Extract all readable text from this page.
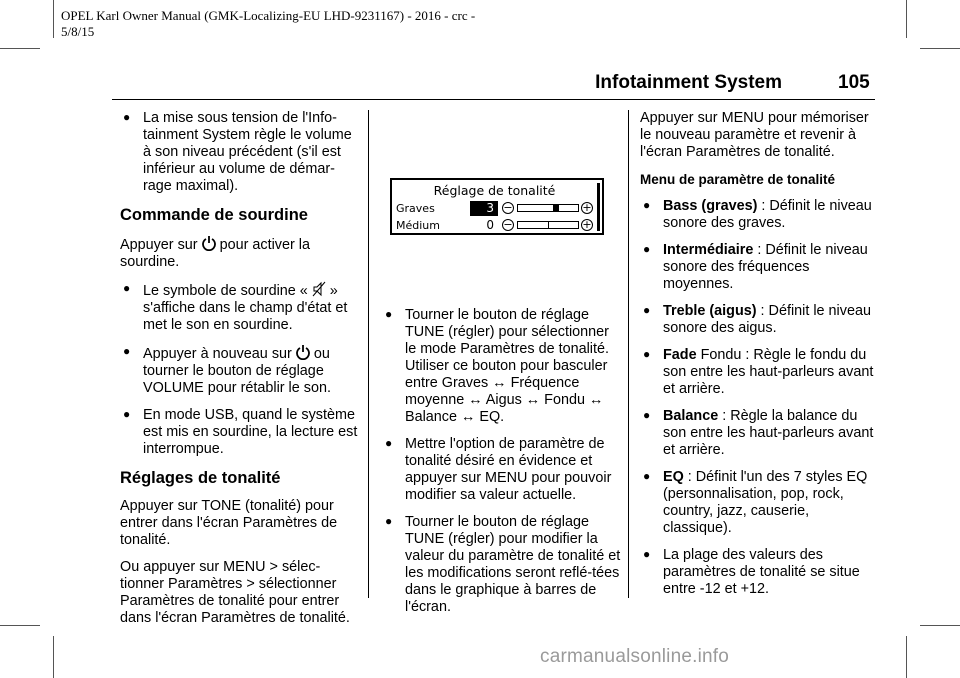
OPEL Karl Owner Manual (GMK-Localizing-EU LHD-9231167) - 2016 - crc -
5/8/15
Infotainment System	105
● La mise sous tension de l'Info-tainment System règle le volume à son niveau précédent (s'il est inférieur au volume de démar-rage maximal).
Commande de sourdine

Appuyer sur pour activer la sourdine.

● Le symbole de sourdine « » s'affiche dans le champ d'état et met le son en sourdine.
● Appuyer à nouveau sur ou tourner le bouton de réglage VOLUME pour rétablir le son.
● En mode USB, quand le système est mis en sourdine, la lecture est interrompue.
Réglages de tonalité

Appuyer sur TONE (tonalité) pour entrer dans l'écran Paramètres de tonalité.

Ou appuyer sur MENU > sélec-tionner Paramètres > sélectionner Paramètres de tonalité pour entrer dans l'écran Paramètres de tonalité.

Réglage de tonalité
Graves	3 −	+
Médium	0 −	+
● Tourner le bouton de réglage TUNE (régler) pour sélectionner le mode Paramètres de tonalité. Utiliser ce bouton pour basculer entre Graves ↔ Fréquence moyenne ↔ Aigus ↔ Fondu ↔ Balance ↔ EQ.
● Mettre l'option de paramètre de tonalité désiré en évidence et appuyer sur MENU pour pouvoir modifier sa valeur actuelle.
● Tourner le bouton de réglage TUNE (régler) pour modifier la valeur du paramètre de tonalité et les modifications seront reflé-tées dans le graphique à barres de l'écran.

Appuyer sur MENU pour mémoriser le nouveau paramètre et revenir à l'écran Paramètres de tonalité.

Menu de paramètre de tonalité
● Bass (graves) : Définit le niveau sonore des graves.
● Intermédiaire : Définit le niveau sonore des fréquences moyennes.
● Treble (aigus) : Définit le niveau sonore des aigus.
● Fade Fondu : Règle le fondu du son entre les haut-parleurs avant et arrière.
● Balance : Règle la balance du son entre les haut-parleurs avant et arrière.
● EQ : Définit l'un des 7 styles EQ (personnalisation, pop, rock, country, jazz, causerie, classique).
● La plage des valeurs des paramètres de tonalité se situe entre -12 et +12.
carmanualsonline.info
